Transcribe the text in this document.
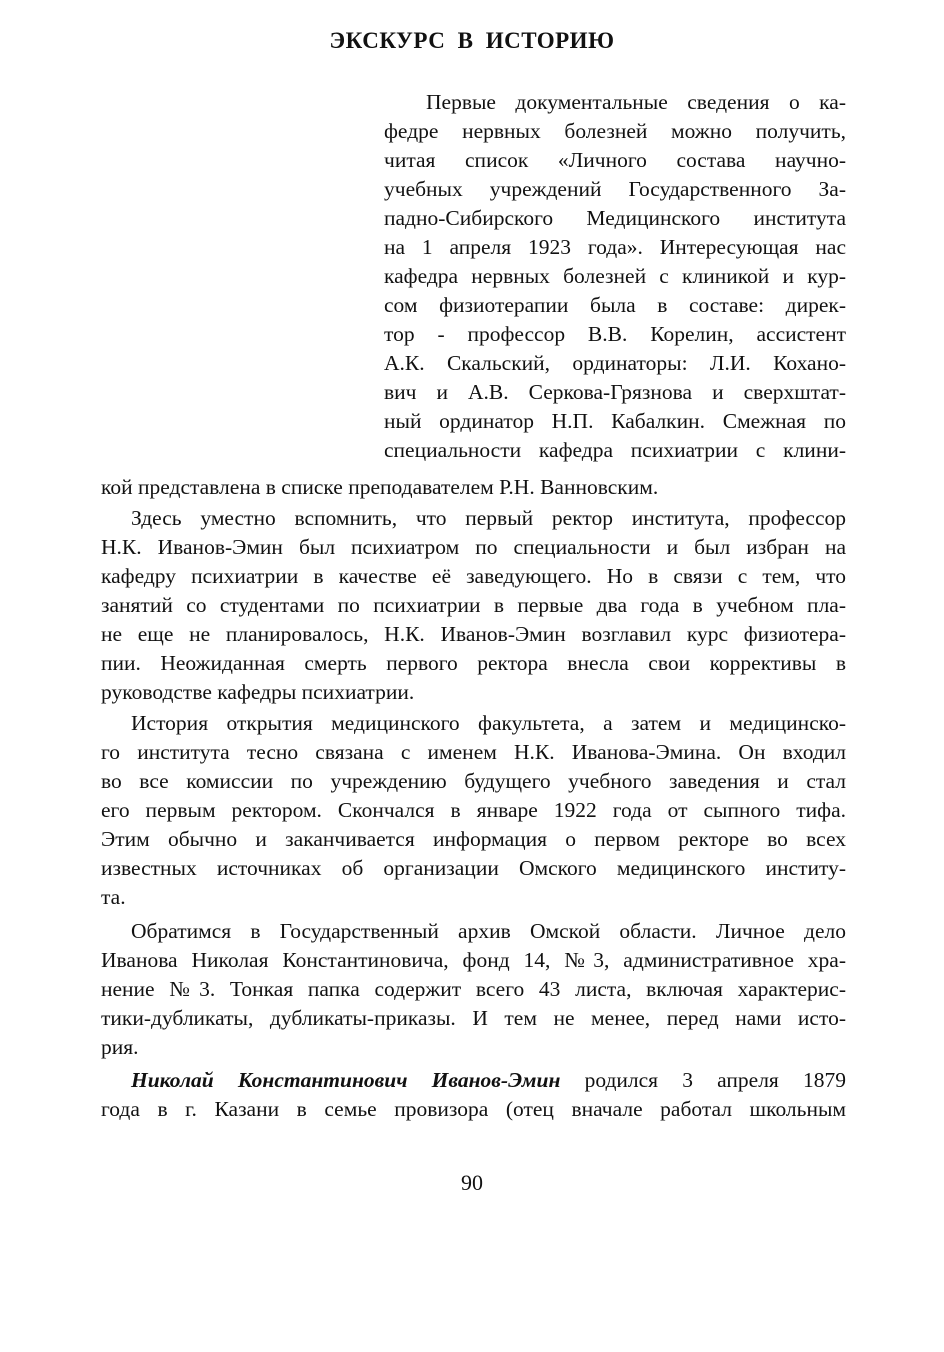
ЭКСКУРС В ИСТОРИЮ
Первые документальные сведения о ка-
федре нервных болезней можно получить,
читая список «Личного состава научно-
учебных учреждений Государственного За-
падно-Сибирского Медицинского института
на 1 апреля 1923 года». Интересующая нас
кафедра нервных болезней с клиникой и кур-
сом физиотерапии была в составе: дирек-
тор - профессор В.В. Корелин, ассистент
А.К. Скальский, ординаторы: Л.И. Кохано-
вич и А.В. Серкова-Грязнова и сверхштат-
ный ординатор Н.П. Кабалкин. Смежная по
специальности кафедра психиатрии с клини-
кой представлена в списке преподавателем Р.Н. Ванновским.
Здесь уместно вспомнить, что первый ректор института, профессор
Н.К. Иванов-Эмин был психиатром по специальности и был избран на
кафедру психиатрии в качестве её заведующего. Но в связи с тем, что
занятий со студентами по психиатрии в первые два года в учебном пла-
не еще не планировалось, Н.К. Иванов-Эмин возглавил курс физиотера-
пии. Неожиданная смерть первого ректора внесла свои коррективы в
руководстве кафедры психиатрии.
История открытия медицинского факультета, а затем и медицинско-
го института тесно связана с именем Н.К. Иванова-Эмина. Он входил
во все комиссии по учреждению будущего учебного заведения и стал
его первым ректором. Скончался в январе 1922 года от сыпного тифа.
Этим обычно и заканчивается информация о первом ректоре во всех
известных источниках об организации Омского медицинского институ-
та.
Обратимся в Государственный архив Омской области. Личное дело
Иванова Николая Константиновича, фонд 14, №3, административное хра-
нение №3. Тонкая папка содержит всего 43 листа, включая характерис-
тики-дубликаты, дубликаты-приказы. И тем не менее, перед нами исто-
рия.
Николай Константинович Иванов-Эмин родился 3 апреля 1879
года в г. Казани в семье провизора (отец вначале работал школьным
90
